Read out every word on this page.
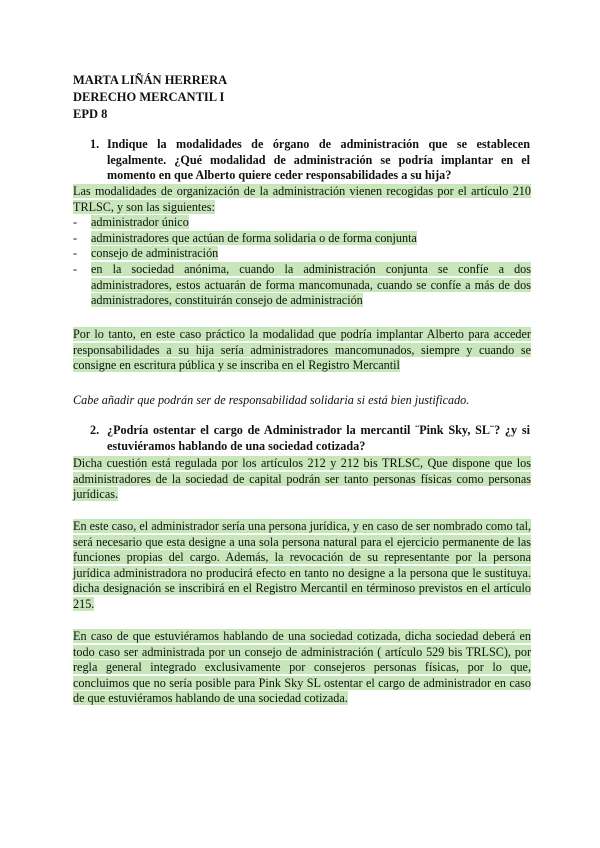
MARTA LIÑÁN HERRERA
DERECHO MERCANTIL I
EPD 8
1. Indique la modalidades de órgano de administración que se establecen legalmente. ¿Qué modalidad de administración se podría implantar en el momento en que Alberto quiere ceder responsabilidades a su hija?
Las modalidades de organización de la administración vienen recogidas por el artículo 210 TRLSC, y son las siguientes:
- administrador único
- administradores que actúan de forma solidaria o de forma conjunta
- consejo de administración
- en la sociedad anónima, cuando la administración conjunta se confíe a dos administradores, estos actuarán de forma mancomunada, cuando se confíe a más de dos administradores, constituirán consejo de administración
Por lo tanto, en este caso práctico la modalidad que podría implantar Alberto para acceder responsabilidades a su hija sería administradores mancomunados, siempre y cuando se consigne en escritura pública y se inscriba en el Registro Mercantil
Cabe añadir que podrán ser de responsabilidad solidaria si está bien justificado.
2. ¿Podría ostentar el cargo de Administrador la mercantil ¨Pink Sky, SL¨? ¿y si estuviéramos hablando de una sociedad cotizada?
Dicha cuestión está regulada por los artículos 212 y 212 bis TRLSC, Que dispone que los administradores de la sociedad de capital podrán ser tanto personas físicas como personas jurídicas.
En este caso, el administrador sería una persona jurídica, y en caso de ser nombrado como tal, será necesario que esta designe a una sola persona natural para el ejercicio permanente de las funciones propias del cargo. Además, la revocación de su representante por la persona jurídica administradora no producirá efecto en tanto no designe a la persona que le sustituya. dicha designación se inscribirá en el Registro Mercantil en términoso previstos en el artículo 215.
En caso de que estuviéramos hablando de una sociedad cotizada, dicha sociedad deberá en todo caso ser administrada por un consejo de administración ( artículo 529 bis TRLSC), por regla general integrado exclusivamente por consejeros personas físicas, por lo que, concluimos que no sería posible para Pink Sky SL ostentar el cargo de administrador en caso de que estuviéramos hablando de una sociedad cotizada.
